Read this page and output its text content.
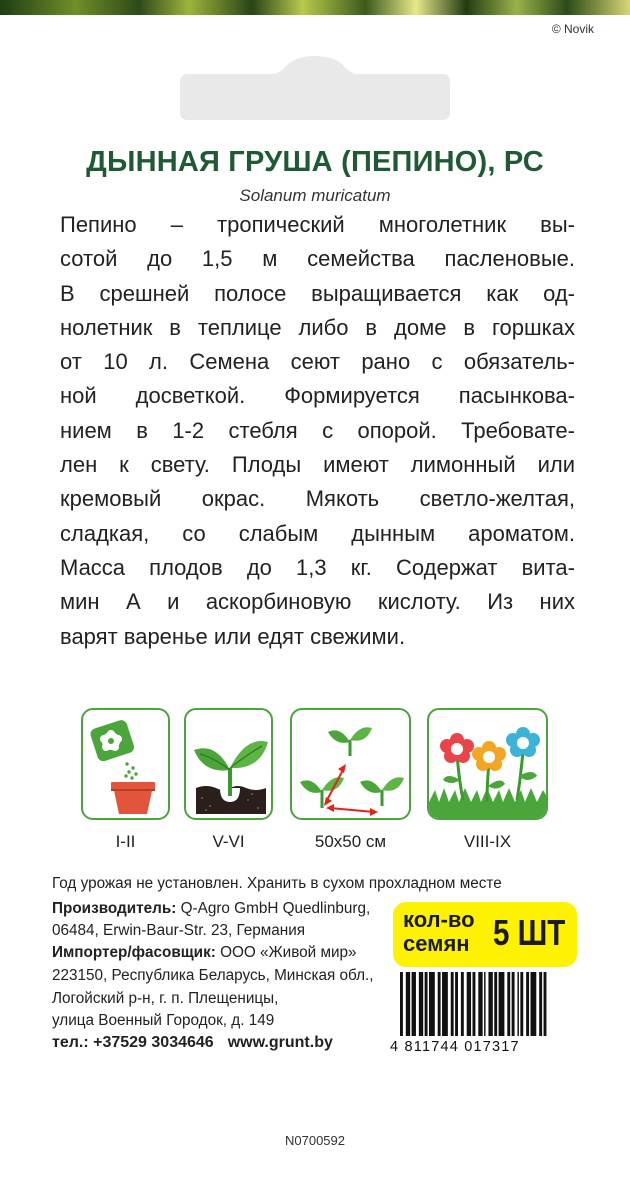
© Novik
ДЫННАЯ ГРУША (ПЕПИНО), РС
Solanum muricatum
Пепино – тропический многолетник вы-
сотой до 1,5 м семейства пасленовые.
В срешней полосе выращивается как од-
нолетник в теплице либо в доме в горшках
от 10 л. Семена сеют рано с обязатель-
ной досветкой. Формируется пасынкова-
нием в 1-2 стебля с опорой. Требовате-
лен к свету. Плоды имеют лимонный или
кремовый окрас. Мякоть светло-желтая,
сладкая, со слабым дынным ароматом.
Масса плодов до 1,3 кг. Содержат вита-
мин А и аскорбиновую кислоту. Из них
варят варенье или едят свежими.
I-II	V-VI	50x50 см	VIII-IX
Год урожая не установлен. Хранить в сухом прохладном месте
Производитель: Q-Agro GmbH Quedlinburg,
06484, Erwin-Baur-Str. 23, Германия
Импортер/фасовщик: ООО «Живой мир»
223150, Республика Беларусь, Минская обл.,
Логойский р-н, г. п. Плещеницы,
улица Военный Городок, д. 149
кол-во
семян 5 ШТ
4 811744 017317
тел.: +37529 3034646 www.grunt.by
N0700592
